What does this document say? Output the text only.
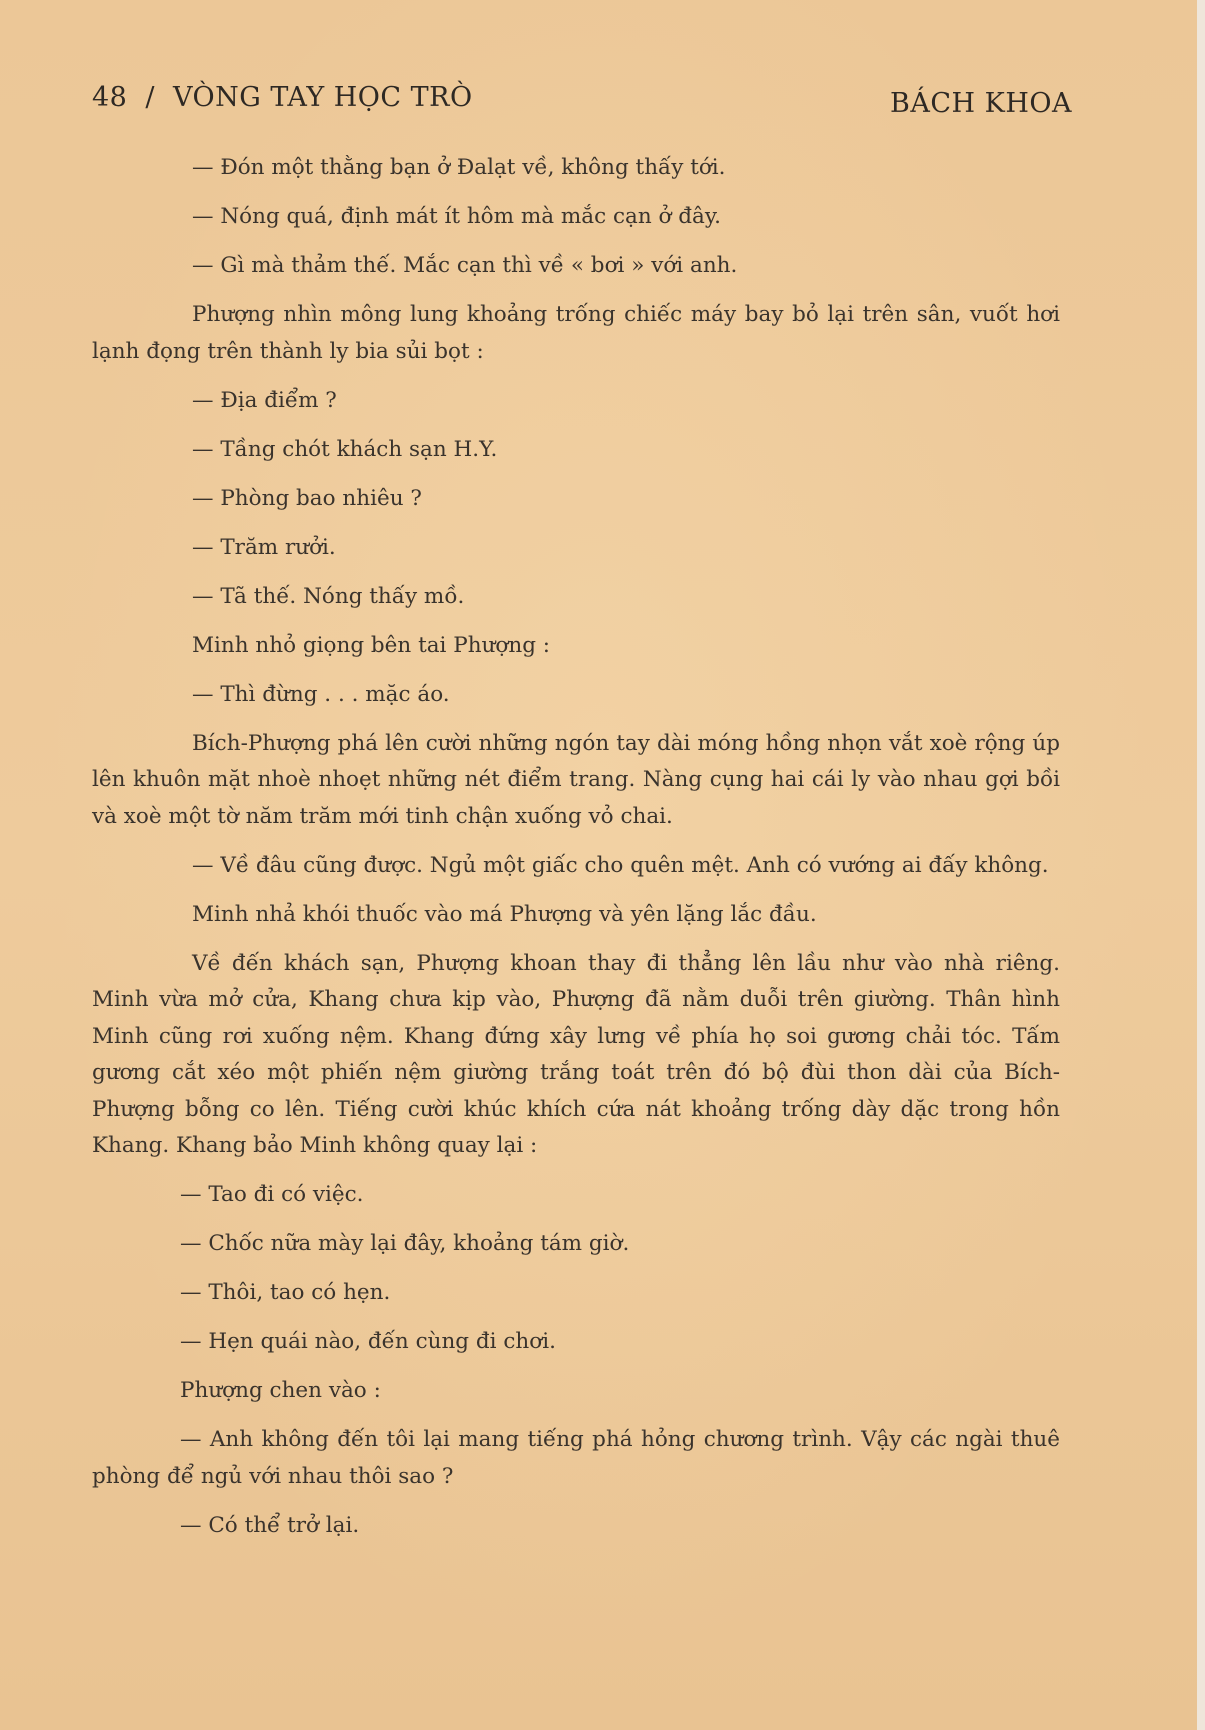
48 / VÒNG TAY HỌC TRÒ	BÁCH KHOA
— Đón một thằng bạn ở Đalạt về, không thấy tới.
— Nóng quá, định mát ít hôm mà mắc cạn ở đây.
— Gì mà thảm thế. Mắc cạn thì về « bơi » với anh.
Phượng nhìn mông lung khoảng trống chiếc máy bay bỏ lại trên sân, vuốt hơi lạnh đọng trên thành ly bia sủi bọt :
— Địa điểm ?
— Tầng chót khách sạn H.Y.
— Phòng bao nhiêu ?
— Trăm rưởi.
— Tã thế. Nóng thấy mồ.
Minh nhỏ giọng bên tai Phượng :
— Thì đừng . . . mặc áo.
Bích-Phượng phá lên cười những ngón tay dài móng hồng nhọn vắt xoè rộng úp lên khuôn mặt nhoè nhoẹt những nét điểm trang. Nàng cụng hai cái ly vào nhau gợi bồi và xoè một tờ năm trăm mới tinh chận xuống vỏ chai.
— Về đâu cũng được. Ngủ một giấc cho quên mệt. Anh có vướng ai đấy không.
Minh nhả khói thuốc vào má Phượng và yên lặng lắc đầu.
Về đến khách sạn, Phượng khoan thay đi thẳng lên lầu như vào nhà riêng. Minh vừa mở cửa, Khang chưa kịp vào, Phượng đã nằm duỗi trên giường. Thân hình Minh cũng rơi xuống nệm. Khang đứng xây lưng về phía họ soi gương chải tóc. Tấm gương cắt xéo một phiến nệm giường trắng toát trên đó bộ đùi thon dài của Bích-Phượng bỗng co lên. Tiếng cười khúc khích cứa nát khoảng trống dày dặc trong hồn Khang. Khang bảo Minh không quay lại :
— Tao đi có việc.
— Chốc nữa mày lại đây, khoảng tám giờ.
— Thôi, tao có hẹn.
— Hẹn quái nào, đến cùng đi chơi.
Phượng chen vào :
— Anh không đến tôi lại mang tiếng phá hỏng chương trình. Vậy các ngài thuê phòng để ngủ với nhau thôi sao ?
— Có thể trở lại.
